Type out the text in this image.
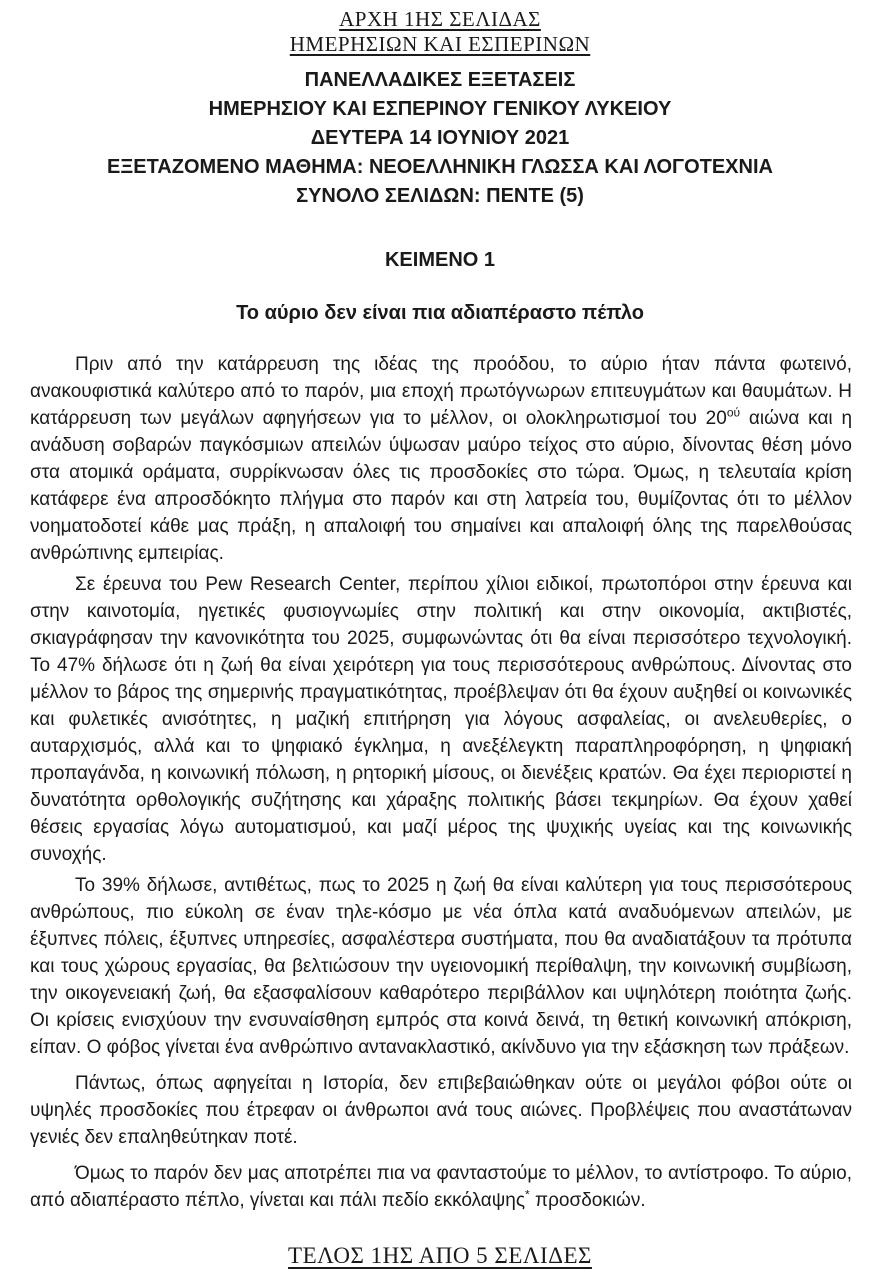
ΑΡΧΗ 1ΗΣ ΣΕΛΙΔΑΣ
ΗΜΕΡΗΣΙΩΝ ΚΑΙ ΕΣΠΕΡΙΝΩΝ
ΠΑΝΕΛΛΑΔΙΚΕΣ ΕΞΕΤΑΣΕΙΣ
ΗΜΕΡΗΣΙΟΥ ΚΑΙ ΕΣΠΕΡΙΝΟΥ ΓΕΝΙΚΟΥ ΛΥΚΕΙΟΥ
ΔΕΥΤΕΡΑ 14 ΙΟΥΝΙΟΥ 2021
ΕΞΕΤΑΖΟΜΕΝΟ ΜΑΘΗΜΑ: ΝΕΟΕΛΛΗΝΙΚΗ ΓΛΩΣΣΑ ΚΑΙ ΛΟΓΟΤΕΧΝΙΑ
ΣΥΝΟΛΟ ΣΕΛΙΔΩΝ: ΠΕΝΤΕ (5)
ΚΕΙΜΕΝΟ 1
Το αύριο δεν είναι πια αδιαπέραστο πέπλο

Πριν από την κατάρρευση της ιδέας της προόδου, το αύριο ήταν πάντα φωτεινό, ανακουφιστικά καλύτερο από το παρόν, μια εποχή πρωτόγνωρων επιτευγμάτων και θαυμάτων. Η κατάρρευση των μεγάλων αφηγήσεων για το μέλλον, οι ολοκληρωτισμοί του $20^{oύ}$ αιώνα και η ανάδυση σοβαρών παγκόσμιων απειλών ύψωσαν μαύρο τείχος στο αύριο, δίνοντας θέση μόνο στα ατομικά οράματα, συρρίκνωσαν όλες τις προσδοκίες στο τώρα. Όμως, η τελευταία κρίση κατάφερε ένα απροσδόκητο πλήγμα στο παρόν και στη λατρεία του, θυμίζοντας ότι το μέλλον νοηματοδοτεί κάθε μας πράξη, η απαλοιφή του σημαίνει και απαλοιφή όλης της παρελθούσας ανθρώπινης εμπειρίας.

Σε έρευνα του Pew Research Center, περίπου χίλιοι ειδικοί, πρωτοπόροι στην έρευνα και στην καινοτομία, ηγετικές φυσιογνωμίες στην πολιτική και στην οικονομία, ακτιβιστές, σκιαγράφησαν την κανονικότητα του 2025, συμφωνώντας ότι θα είναι περισσότερο τεχνολογική. Το 47% δήλωσε ότι η ζωή θα είναι χειρότερη για τους περισσότερους ανθρώπους. Δίνοντας στο μέλλον το βάρος της σημερινής πραγματικότητας, προέβλεψαν ότι θα έχουν αυξηθεί οι κοινωνικές και φυλετικές ανισότητες, η μαζική επιτήρηση για λόγους ασφαλείας, οι ανελευθερίες, ο αυταρχισμός, αλλά και το ψηφιακό έγκλημα, η ανεξέλεγκτη παραπληροφόρηση, η ψηφιακή προπαγάνδα, η κοινωνική πόλωση, η ρητορική μίσους, οι διενέξεις κρατών. Θα έχει περιοριστεί η δυνατότητα ορθολογικής συζήτησης και χάραξης πολιτικής βάσει τεκμηρίων. Θα έχουν χαθεί θέσεις εργασίας λόγω αυτοματισμού, και μαζί μέρος της ψυχικής υγείας και της κοινωνικής συνοχής.

Το 39% δήλωσε, αντιθέτως, πως το 2025 η ζωή θα είναι καλύτερη για τους περισσότερους ανθρώπους, πιο εύκολη σε έναν τηλε-κόσμο με νέα όπλα κατά αναδυόμενων απειλών, με έξυπνες πόλεις, έξυπνες υπηρεσίες, ασφαλέστερα συστήματα, που θα αναδιατάξουν τα πρότυπα και τους χώρους εργασίας, θα βελτιώσουν την υγειονομική περίθαλψη, την κοινωνική συμβίωση, την οικογενειακή ζωή, θα εξασφαλίσουν καθαρότερο περιβάλλον και υψηλότερη ποιότητα ζωής. Οι κρίσεις ενισχύουν την ενσυναίσθηση εμπρός στα κοινά δεινά, τη θετική κοινωνική απόκριση, είπαν. Ο φόβος γίνεται ένα ανθρώπινο αντανακλαστικό, ακίνδυνο για την εξάσκηση των πράξεων.

Πάντως, όπως αφηγείται η Ιστορία, δεν επιβεβαιώθηκαν ούτε οι μεγάλοι φόβοι ούτε οι υψηλές προσδοκίες που έτρεφαν οι άνθρωποι ανά τους αιώνες. Προβλέψεις που αναστάτωναν γενιές δεν επαληθεύτηκαν ποτέ.

Όμως το παρόν δεν μας αποτρέπει πια να φανταστούμε το μέλλον, το αντίστροφο. Το αύριο, από αδιαπέραστο πέπλο, γίνεται και πάλι πεδίο εκκόλαψης* προσδοκιών.

ΤΕΛΟΣ 1ΗΣ ΑΠΟ 5 ΣΕΛΙΔΕΣ
